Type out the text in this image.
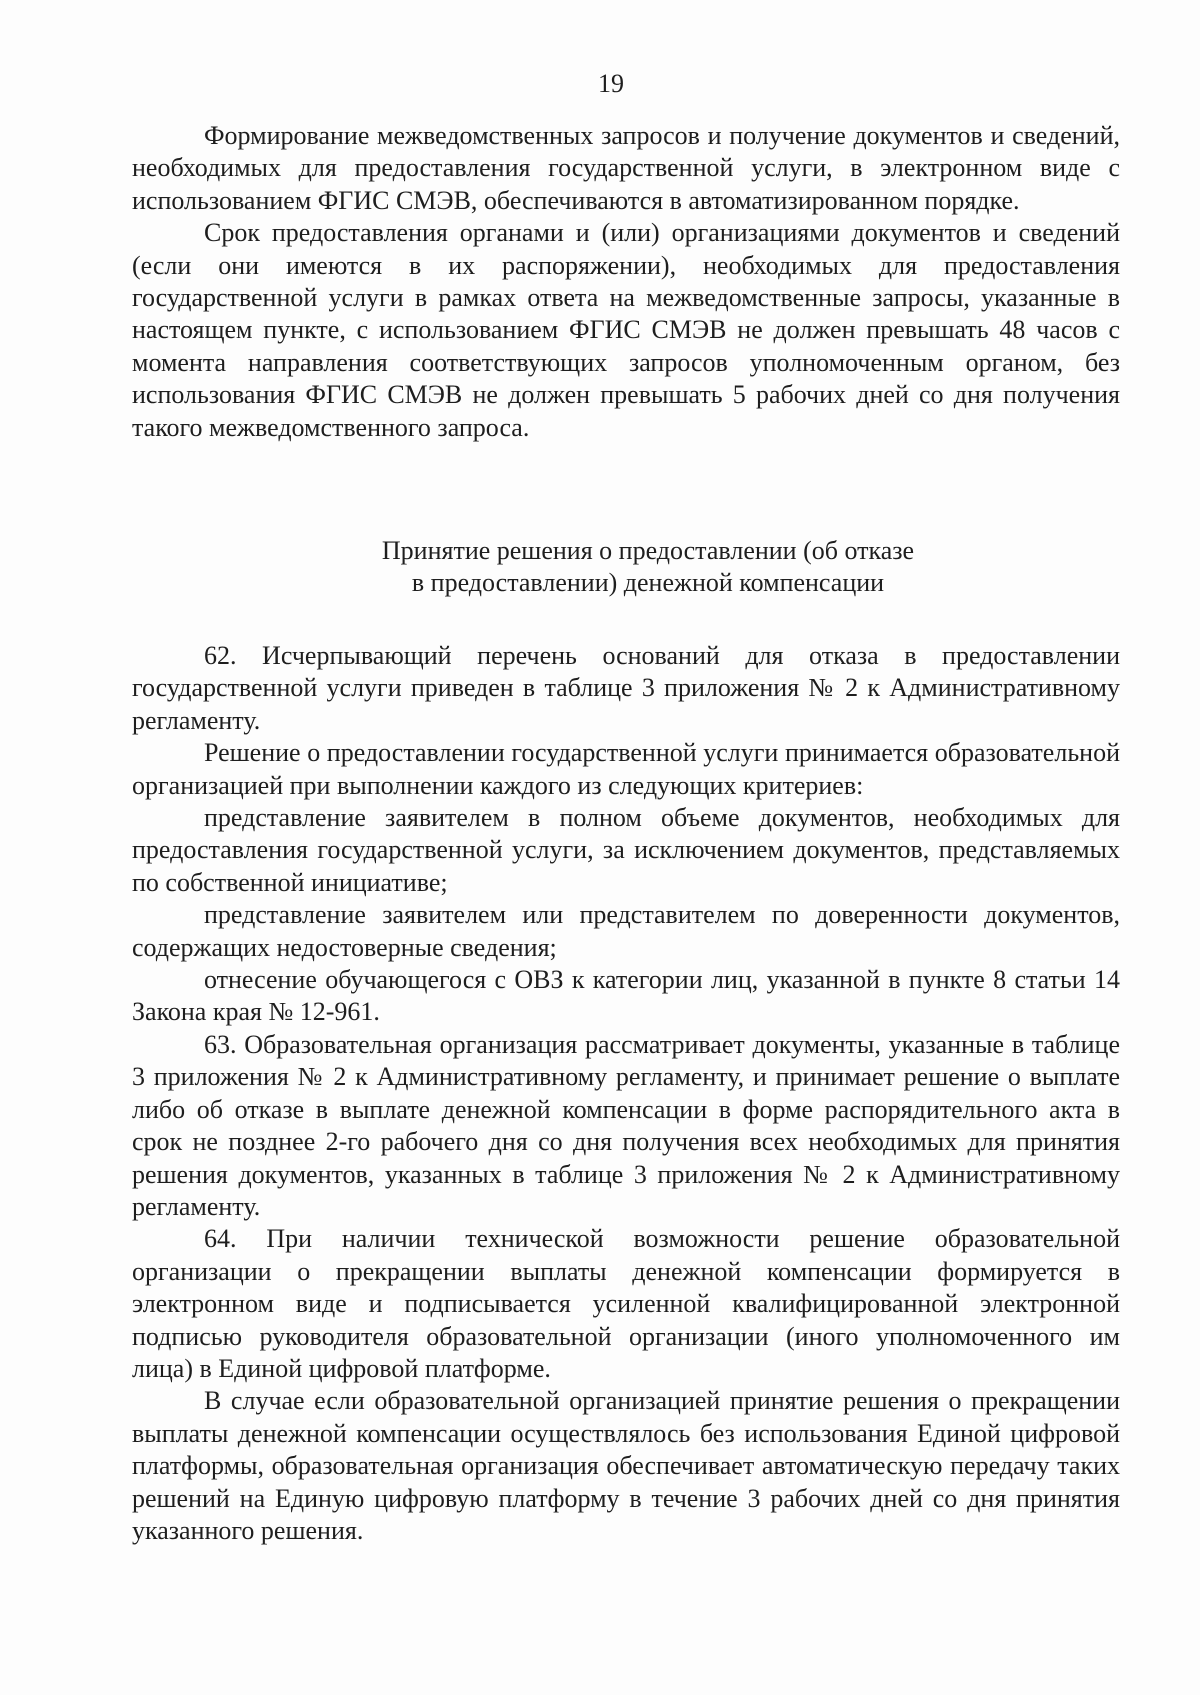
19

Формирование межведомственных запросов и получение документов и сведений, необходимых для предоставления государственной услуги, в электронном виде с использованием ФГИС СМЭВ, обеспечиваются в автоматизированном порядке.

Срок предоставления органами и (или) организациями документов и сведений (если они имеются в их распоряжении), необходимых для предоставления государственной услуги в рамках ответа на межведомственные запросы, указанные в настоящем пункте, с использованием ФГИС СМЭВ не должен превышать 48 часов с момента направления соответствующих запросов уполномоченным органом, без использования ФГИС СМЭВ не должен превышать 5 рабочих дней со дня получения такого межведомственного запроса.

Принятие решения о предоставлении (об отказе
в предоставлении) денежной компенсации

62. Исчерпывающий перечень оснований для отказа в предоставлении государственной услуги приведен в таблице 3 приложения № 2 к Административному регламенту.

Решение о предоставлении государственной услуги принимается образовательной организацией при выполнении каждого из следующих критериев:

представление заявителем в полном объеме документов, необходимых для предоставления государственной услуги, за исключением документов, представляемых по собственной инициативе;

представление заявителем или представителем по доверенности документов, содержащих недостоверные сведения;

отнесение обучающегося с ОВЗ к категории лиц, указанной в пункте 8 статьи 14 Закона края № 12-961.

63. Образовательная организация рассматривает документы, указанные в таблице 3 приложения № 2 к Административному регламенту, и принимает решение о выплате либо об отказе в выплате денежной компенсации в форме распорядительного акта в срок не позднее 2-го рабочего дня со дня получения всех необходимых для принятия решения документов, указанных в таблице 3 приложения № 2 к Административному регламенту.

64. При наличии технической возможности решение образовательной организации о прекращении выплаты денежной компенсации формируется в электронном виде и подписывается усиленной квалифицированной электронной подписью руководителя образовательной организации (иного уполномоченного им лица) в Единой цифровой платформе.

В случае если образовательной организацией принятие решения о прекращении выплаты денежной компенсации осуществлялось без использования Единой цифровой платформы, образовательная организация обеспечивает автоматическую передачу таких решений на Единую цифровую платформу в течение 3 рабочих дней со дня принятия указанного решения.
